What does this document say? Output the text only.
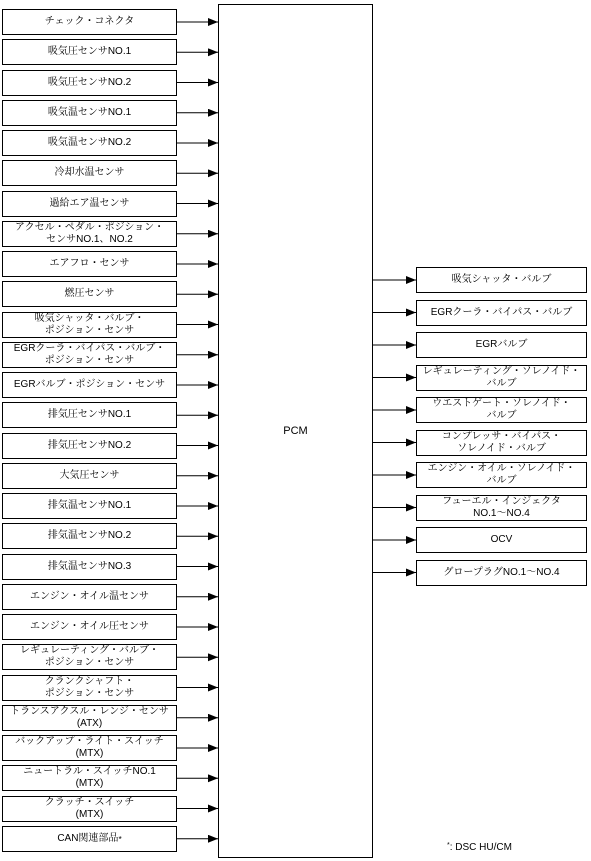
チェック・コネクタ
吸気圧センサNO.1
吸気圧センサNO.2
吸気温センサNO.1
吸気温センサNO.2
冷却水温センサ
過給エア温センサ
アクセル・ペダル・ポジション・
センサNO.1、NO.2
エアフロ・センサ
燃圧センサ
吸気シャッタ・バルブ・
ポジション・センサ
EGRクーラ・バイパス・バルブ・
ポジション・センサ
EGRバルブ・ポジション・センサ
排気圧センサNO.1
排気圧センサNO.2
大気圧センサ
排気温センサNO.1
排気温センサNO.2
排気温センサNO.3
エンジン・オイル温センサ
エンジン・オイル圧センサ
レギュレーティング・バルブ・
ポジション・センサ
クランクシャフト・
ポジション・センサ
トランスアクスル・レンジ・センサ
(ATX)
バックアップ・ライト・スイッチ
(MTX)
ニュートラル・スイッチNO.1
(MTX)
クラッチ・スイッチ
(MTX)
CAN関連部品 *
PCM
吸気シャッタ・バルブ
EGRクーラ・バイパス・バルブ
EGRバルブ
レギュレーティング・ソレノイド・
バルブ
ウエストゲート・ソレノイド・
バルブ
コンプレッサ・バイパス・
ソレノイド・バルブ
エンジン・オイル・ソレノイド・
バルブ
フューエル・インジェクタ
NO.1〜NO.4
OCV
グロープラグNO.1〜NO.4
*: DSC HU/CM
